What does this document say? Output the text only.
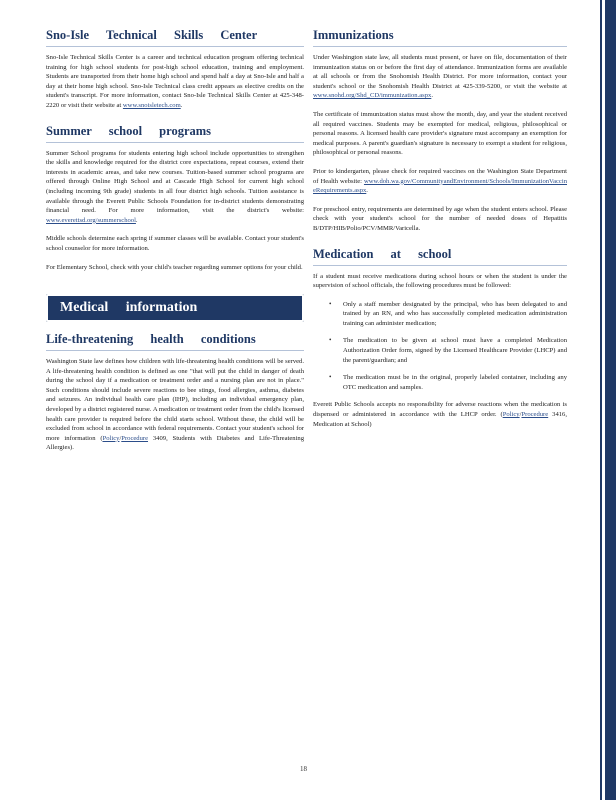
Sno-Isle Technical Skills Center

Sno-Isle Technical Skills Center is a career and technical education program offering technical training for high school students for post-high school education, training and employment. Students are transported from their home high school and spend half a day at Sno-Isle and half a day at their home high school. Sno-Isle Technical class credit appears as elective credits on the student's transcript. For more information, contact Sno-Isle Technical Skills Center at 425-348-2220 or visit their website at www.snoisletech.com.

Summer school programs

Summer School programs for students entering high school include opportunities to strengthen the skills and knowledge required for the district core expectations, repeat courses, extend their interests in academic areas, and take new courses. Tuition-based summer school programs are offered through Online High School and at Cascade High School for current high school (including incoming 9th grade) students in all four district high schools. Tuition assistance is available through the Everett Public Schools Foundation for in-district students demonstrating financial need. For more information, visit the district's website: www.everettsd.org/summerschool.

Middle schools determine each spring if summer classes will be available. Contact your student's school counselor for more information.

For Elementary School, check with your child's teacher regarding summer options for your child.

Medical information
Life-threatening health conditions

Washington State law defines how children with life-threatening health conditions will be served. A life-threatening health condition is defined as one "that will put the child in danger of death during the school day if a medication or treatment order and a nursing plan are not in place." Such conditions should include severe reactions to bee stings, food allergies, asthma, diabetes and seizures. An individual health care plan (IHP), including an individual emergency plan, developed by a district registered nurse. A medication or treatment order from the child's licensed health care provider is required before the child starts school. Without these, the child will be excluded from school in accordance with federal requirements. Contact your student's school for more information (Policy/Procedure 3409, Students with Diabetes and Life-Threatening Allergies).

Immunizations

Under Washington state law, all students must present, or have on file, documentation of their immunization status on or before the first day of attendance. Immunization forms are available at all schools or from the Snohomish Health District. For more information, contact your student's school or the Snohomish Health District at 425-339-5200, or visit the website at www.snohd.org/Shd_CD/immunization.aspx.

The certificate of immunization status must show the month, day, and year the student received all required vaccines. Students may be exempted for medical, religious, philosophical or personal reasons. A licensed health care provider's signature must accompany an exemption for medical purposes. A parent's guardian's signature is necessary to exempt a student for religious, philosophical or personal reasons.

Prior to kindergarten, please check for required vaccines on the Washington State Department of Health website: www.doh.wa.gov/CommunityandEnvironment/Schools/ImmunizationVaccineRequirements.aspx.

For preschool entry, requirements are determined by age when the student enters school. Please check with your student's school for the number of needed doses of Hepatitis B/DTP/HIB/Polio/PCV/MMR/Varicella.

Medication at school

If a student must receive medications during school hours or when the student is under the supervision of school officials, the following procedures must be followed:

• Only a staff member designated by the principal, who has been delegated to and trained by an RN, and who has successfully completed medication administration training can administer medication;
• The medication to be given at school must have a completed Medication Authorization Order form, signed by the Licensed Healthcare Provider (LHCP) and the parent/guardian; and
• The medication must be in the original, properly labeled container, including any OTC medication and samples.

Everett Public Schools accepts no responsibility for adverse reactions when the medication is dispensed or administered in accordance with the LHCP order. (Policy/Procedure 3416, Medication at School)

18
